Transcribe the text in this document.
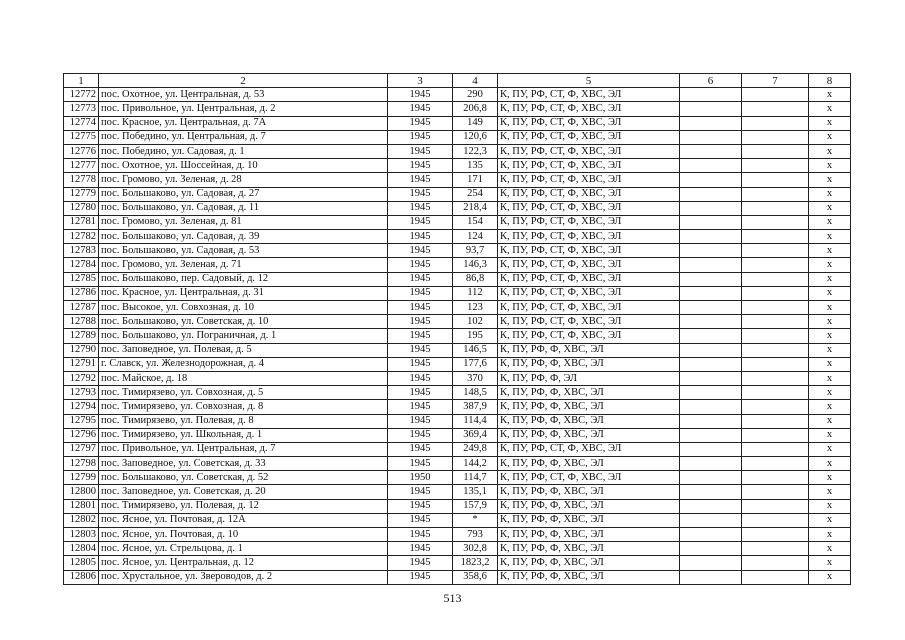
1	2	3	4	5	6	7	8
12772	пос. Охотное, ул. Центральная, д. 53	1945	290	К, ПУ, РФ, СТ, Ф, ХВС, ЭЛ			х
12773	пос. Привольное, ул. Центральная, д. 2	1945	206,8	К, ПУ, РФ, СТ, Ф, ХВС, ЭЛ			х
12774	пос. Красное, ул. Центральная, д. 7А	1945	149	К, ПУ, РФ, СТ, Ф, ХВС, ЭЛ			х
12775	пос. Победино, ул. Центральная, д. 7	1945	120,6	К, ПУ, РФ, СТ, Ф, ХВС, ЭЛ			х
12776	пос. Победино, ул. Садовая, д. 1	1945	122,3	К, ПУ, РФ, СТ, Ф, ХВС, ЭЛ			х
12777	пос. Охотное, ул. Шоссейная, д. 10	1945	135	К, ПУ, РФ, СТ, Ф, ХВС, ЭЛ			х
12778	пос. Громово, ул. Зеленая, д. 28	1945	171	К, ПУ, РФ, СТ, Ф, ХВС, ЭЛ			х
12779	пос. Большаково, ул. Садовая, д. 27	1945	254	К, ПУ, РФ, СТ, Ф, ХВС, ЭЛ			х
12780	пос. Большаково, ул. Садовая, д. 11	1945	218,4	К, ПУ, РФ, СТ, Ф, ХВС, ЭЛ			х
12781	пос. Громово, ул. Зеленая, д. 81	1945	154	К, ПУ, РФ, СТ, Ф, ХВС, ЭЛ			х
12782	пос. Большаково, ул. Садовая, д. 39	1945	124	К, ПУ, РФ, СТ, Ф, ХВС, ЭЛ			х
12783	пос. Большаково, ул. Садовая, д. 53	1945	93,7	К, ПУ, РФ, СТ, Ф, ХВС, ЭЛ			х
12784	пос. Громово, ул. Зеленая, д. 71	1945	146,3	К, ПУ, РФ, СТ, Ф, ХВС, ЭЛ			х
12785	пос. Большаково, пер. Садовый, д. 12	1945	86,8	К, ПУ, РФ, СТ, Ф, ХВС, ЭЛ			х
12786	пос. Красное, ул. Центральная, д. 31	1945	112	К, ПУ, РФ, СТ, Ф, ХВС, ЭЛ			х
12787	пос. Высокое, ул. Совхозная, д. 10	1945	123	К, ПУ, РФ, СТ, Ф, ХВС, ЭЛ			х
12788	пос. Большаково, ул. Советская, д. 10	1945	102	К, ПУ, РФ, СТ, Ф, ХВС, ЭЛ			х
12789	пос. Большаково, ул. Пограничная, д. 1	1945	195	К, ПУ, РФ, СТ, Ф, ХВС, ЭЛ			х
12790	пос. Заповедное, ул. Полевая, д. 5	1945	146,5	К, ПУ, РФ, Ф, ХВС, ЭЛ			х
12791	г. Славск, ул. Железнодорожная, д. 4	1945	177,6	К, ПУ, РФ, Ф, ХВС, ЭЛ			х
12792	пос. Майское, д. 18	1945	370	К, ПУ, РФ, Ф, ЭЛ			х
12793	пос. Тимирязево, ул. Совхозная, д. 5	1945	148,5	К, ПУ, РФ, Ф, ХВС, ЭЛ			х
12794	пос. Тимирязево, ул. Совхозная, д. 8	1945	387,9	К, ПУ, РФ, Ф, ХВС, ЭЛ			х
12795	пос. Тимирязево, ул. Полевая, д. 8	1945	114,4	К, ПУ, РФ, Ф, ХВС, ЭЛ			х
12796	пос. Тимирязево, ул. Школьная, д. 1	1945	369,4	К, ПУ, РФ, Ф, ХВС, ЭЛ			х
12797	пос. Привольное, ул. Центральная, д. 7	1945	249,8	К, ПУ, РФ, СТ, Ф, ХВС, ЭЛ			х
12798	пос. Заповедное, ул. Советская, д. 33	1945	144,2	К, ПУ, РФ, Ф, ХВС, ЭЛ			х
12799	пос. Большаково, ул. Советская, д. 52	1950	114,7	К, ПУ, РФ, СТ, Ф, ХВС, ЭЛ			х
12800	пос. Заповедное, ул. Советская, д. 20	1945	135,1	К, ПУ, РФ, Ф, ХВС, ЭЛ			х
12801	пос. Тимирязево, ул. Полевая, д. 12	1945	157,9	К, ПУ, РФ, Ф, ХВС, ЭЛ			х
12802	пос. Ясное, ул. Почтовая, д. 12А	1945	*	К, ПУ, РФ, Ф, ХВС, ЭЛ			х
12803	пос. Ясное, ул. Почтовая, д. 10	1945	793	К, ПУ, РФ, Ф, ХВС, ЭЛ			х
12804	пос. Ясное, ул. Стрельцова, д. 1	1945	302,8	К, ПУ, РФ, Ф, ХВС, ЭЛ			х
12805	пос. Ясное, ул. Центральная, д. 12	1945	1823,2	К, ПУ, РФ, Ф, ХВС, ЭЛ			х
12806	пос. Хрустальное, ул. Звероводов, д. 2	1945	358,6	К, ПУ, РФ, Ф, ХВС, ЭЛ			х
513
